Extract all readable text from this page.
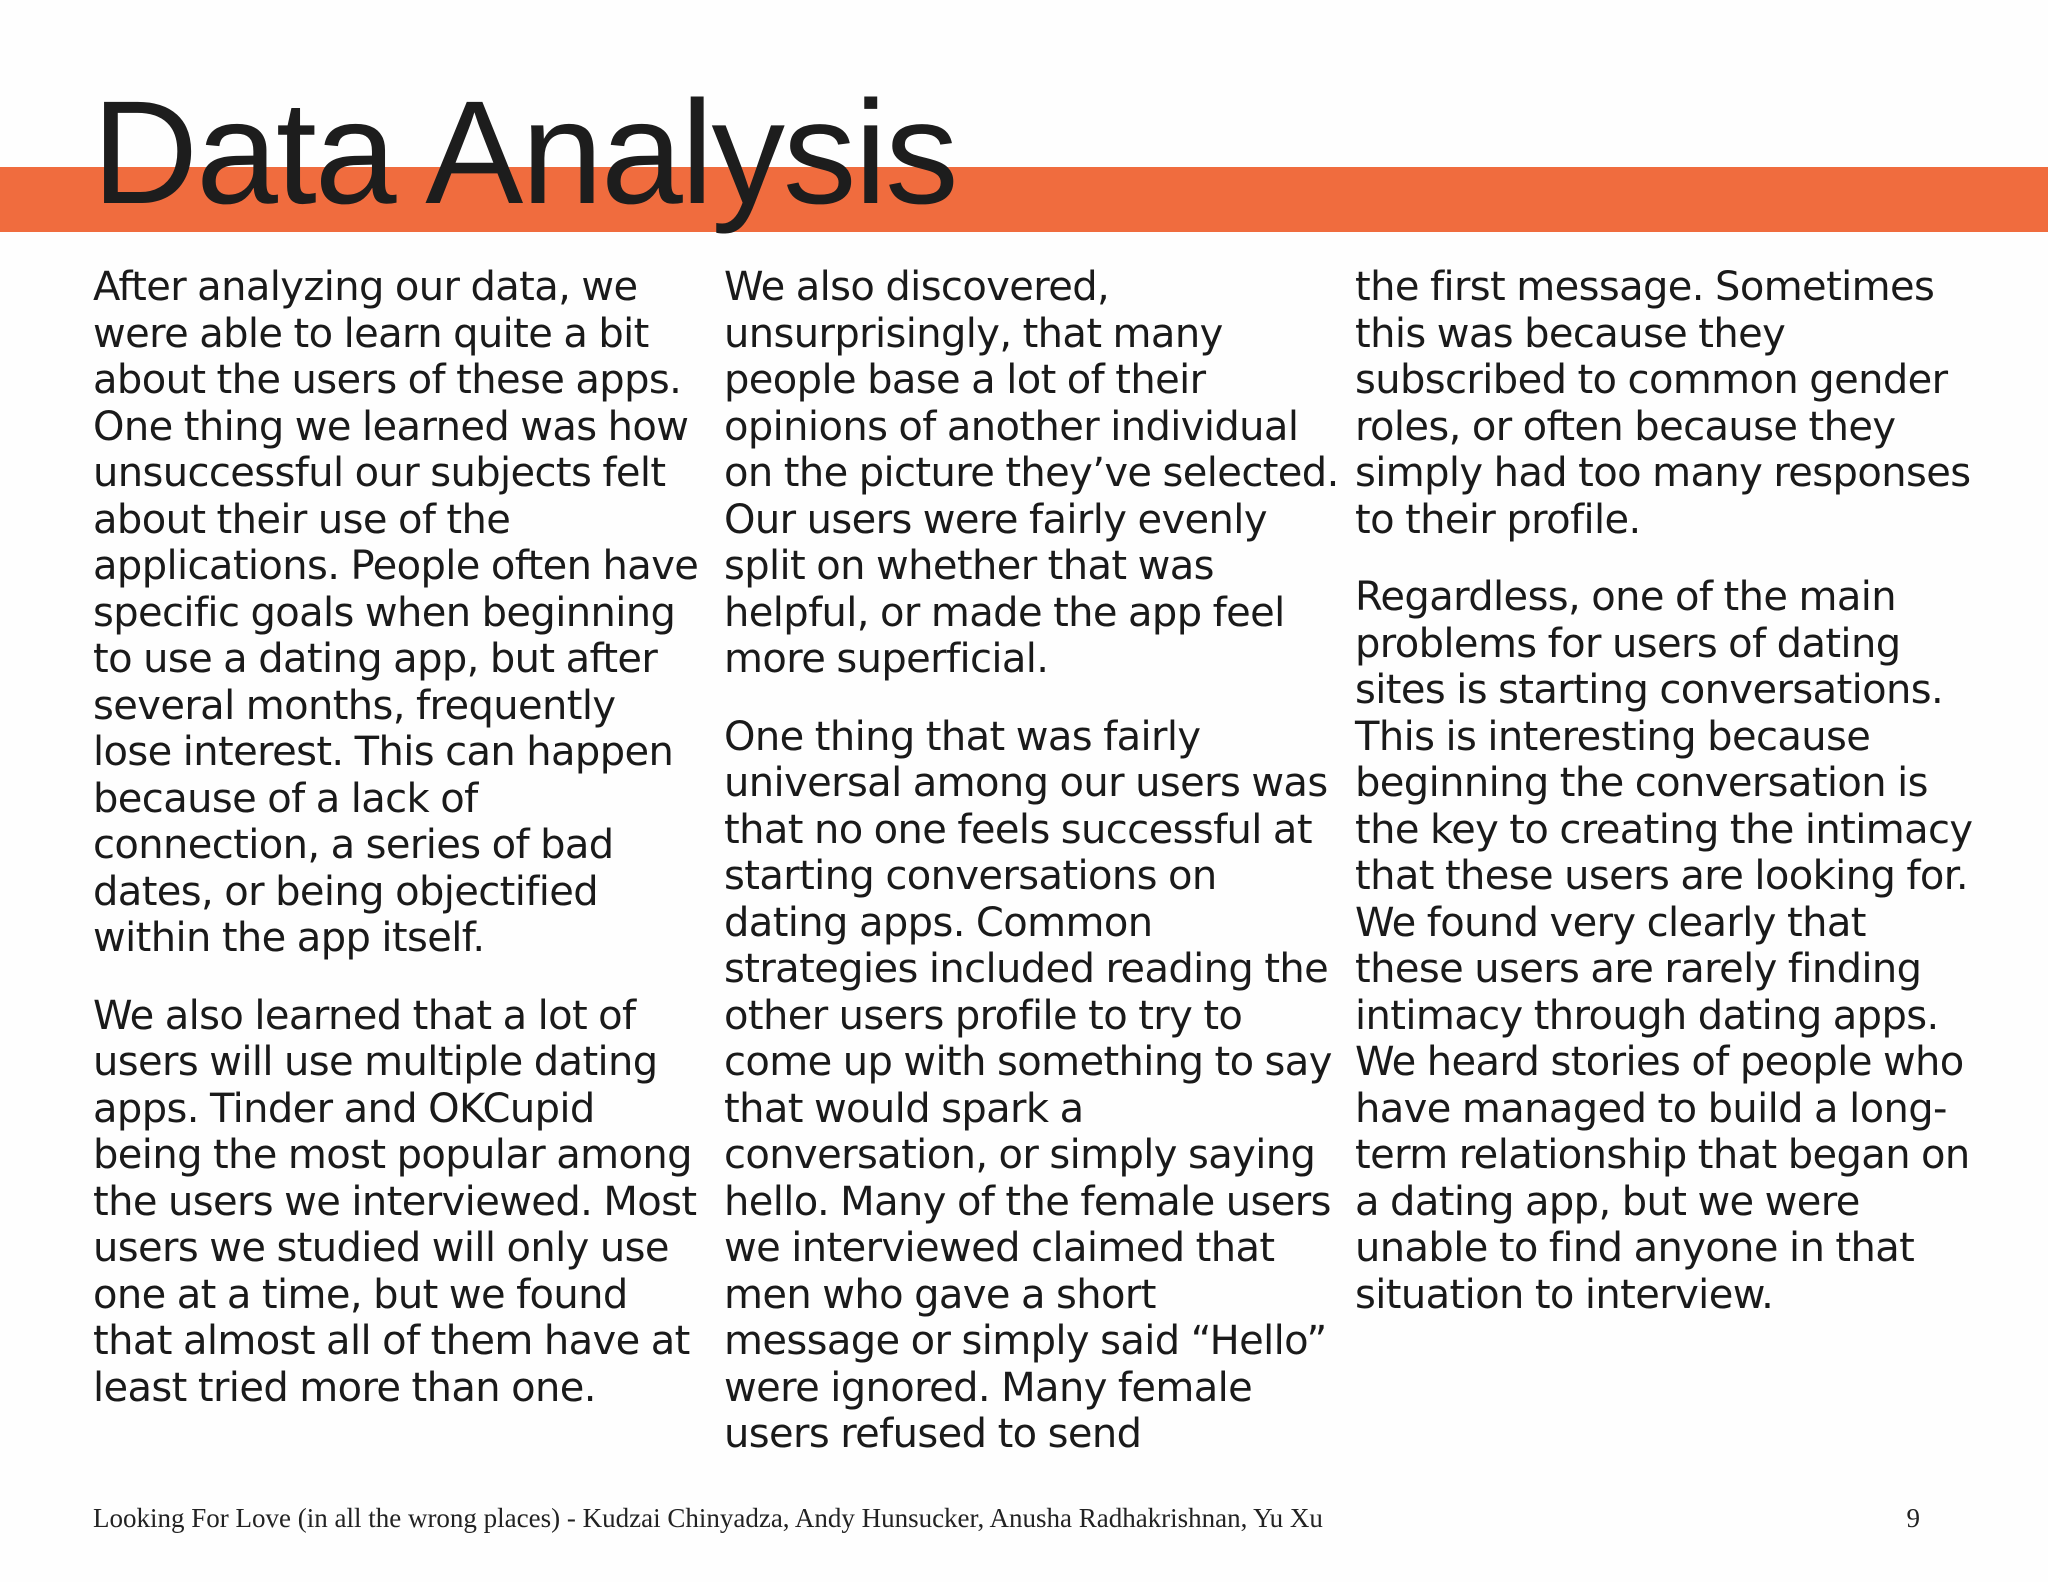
Data Analysis

After analyzing our data, we were able to learn quite a bit about the users of these apps. One thing we learned was how unsuccessful our subjects felt about their use of the applications. People often have specific goals when beginning to use a dating app, but after several months, frequently lose interest. This can happen because of a lack of connection, a series of bad dates, or being objectified within the app itself.

We also learned that a lot of users will use multiple dating apps. Tinder and OKCupid being the most popular among the users we interviewed. Most users we studied will only use one at a time, but we found that almost all of them have at least tried more than one.

We also discovered, unsurprisingly, that many people base a lot of their opinions of another individual on the picture they’ve selected. Our users were fairly evenly split on whether that was helpful, or made the app feel more superficial.

One thing that was fairly universal among our users was that no one feels successful at starting conversations on dating apps. Common strategies included reading the other users profile to try to come up with something to say that would spark a conversation, or simply saying hello. Many of the female users we interviewed claimed that men who gave a short message or simply said “Hello” were ignored. Many female users refused to send

the first message. Sometimes this was because they subscribed to common gender roles, or often because they simply had too many responses to their profile.

Regardless, one of the main problems for users of dating sites is starting conversations. This is interesting because beginning the conversation is the key to creating the intimacy that these users are looking for. We found very clearly that these users are rarely finding intimacy through dating apps. We heard stories of people who have managed to build a long-term relationship that began on a dating app, but we were unable to find anyone in that situation to interview.

Looking For Love (in all the wrong places) - Kudzai Chinyadza, Andy Hunsucker, Anusha Radhakrishnan, Yu Xu	9
